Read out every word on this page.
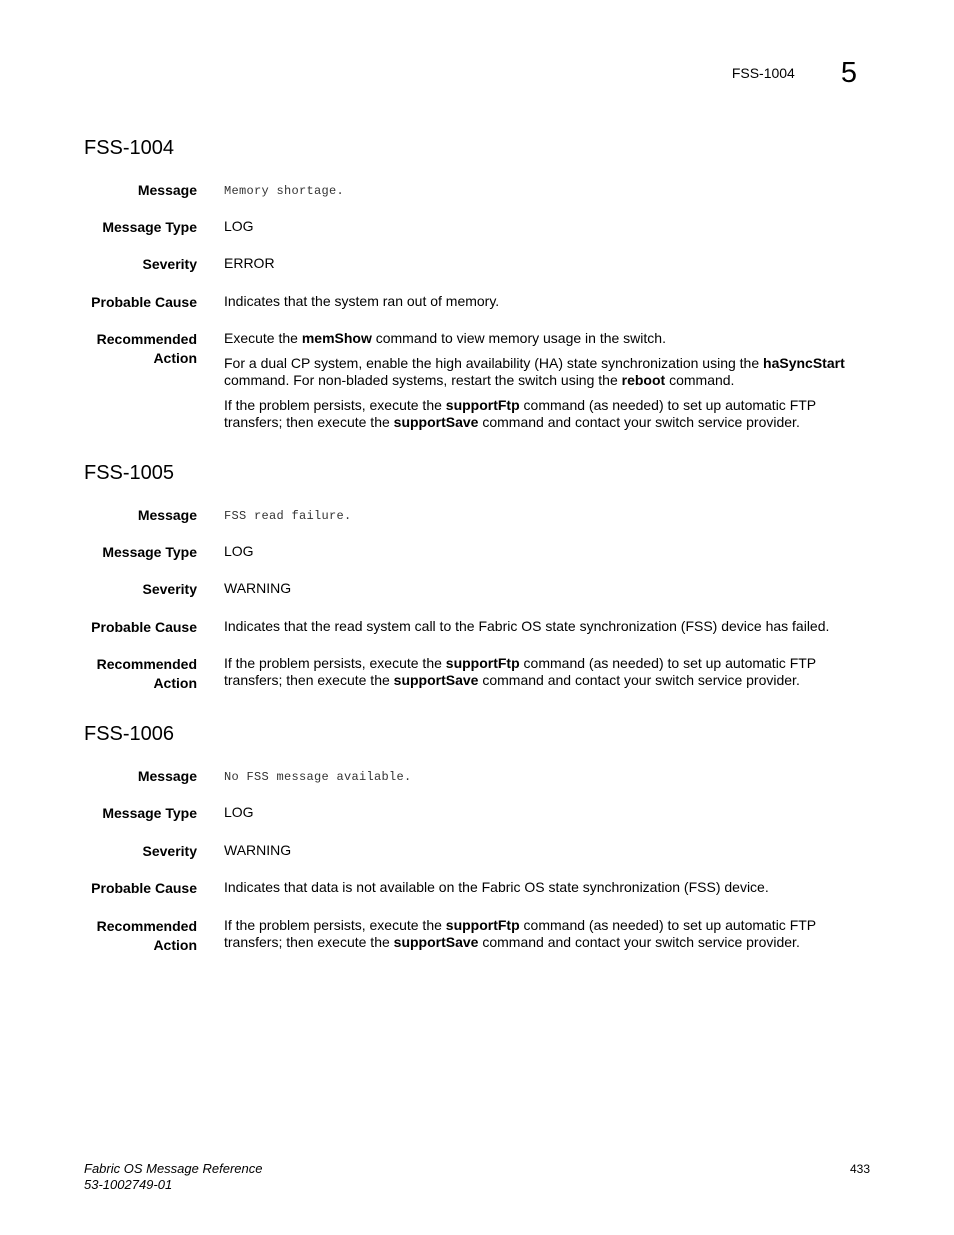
FSS-1004 5
FSS-1004
Message Memory shortage.
Message Type LOG
Severity ERROR
Probable Cause Indicates that the system ran out of memory.
Recommended
Action

Execute the memShow command to view memory usage in the switch.

For a dual CP system, enable the high availability (HA) state synchronization using the haSyncStart command. For non-bladed systems, restart the switch using the reboot command.

If the problem persists, execute the supportFtp command (as needed) to set up automatic FTP transfers; then execute the supportSave command and contact your switch service provider.

FSS-1005
Message FSS read failure.
Message Type LOG
Severity WARNING
Probable Cause Indicates that the read system call to the Fabric OS state synchronization (FSS) device has failed.
Recommended
Action

If the problem persists, execute the supportFtp command (as needed) to set up automatic FTP transfers; then execute the supportSave command and contact your switch service provider.

FSS-1006
Message No FSS message available.
Message Type LOG
Severity WARNING
Probable Cause Indicates that data is not available on the Fabric OS state synchronization (FSS) device.
Recommended
Action

If the problem persists, execute the supportFtp command (as needed) to set up automatic FTP transfers; then execute the supportSave command and contact your switch service provider.

Fabric OS Message Reference
53-1002749-01
433
